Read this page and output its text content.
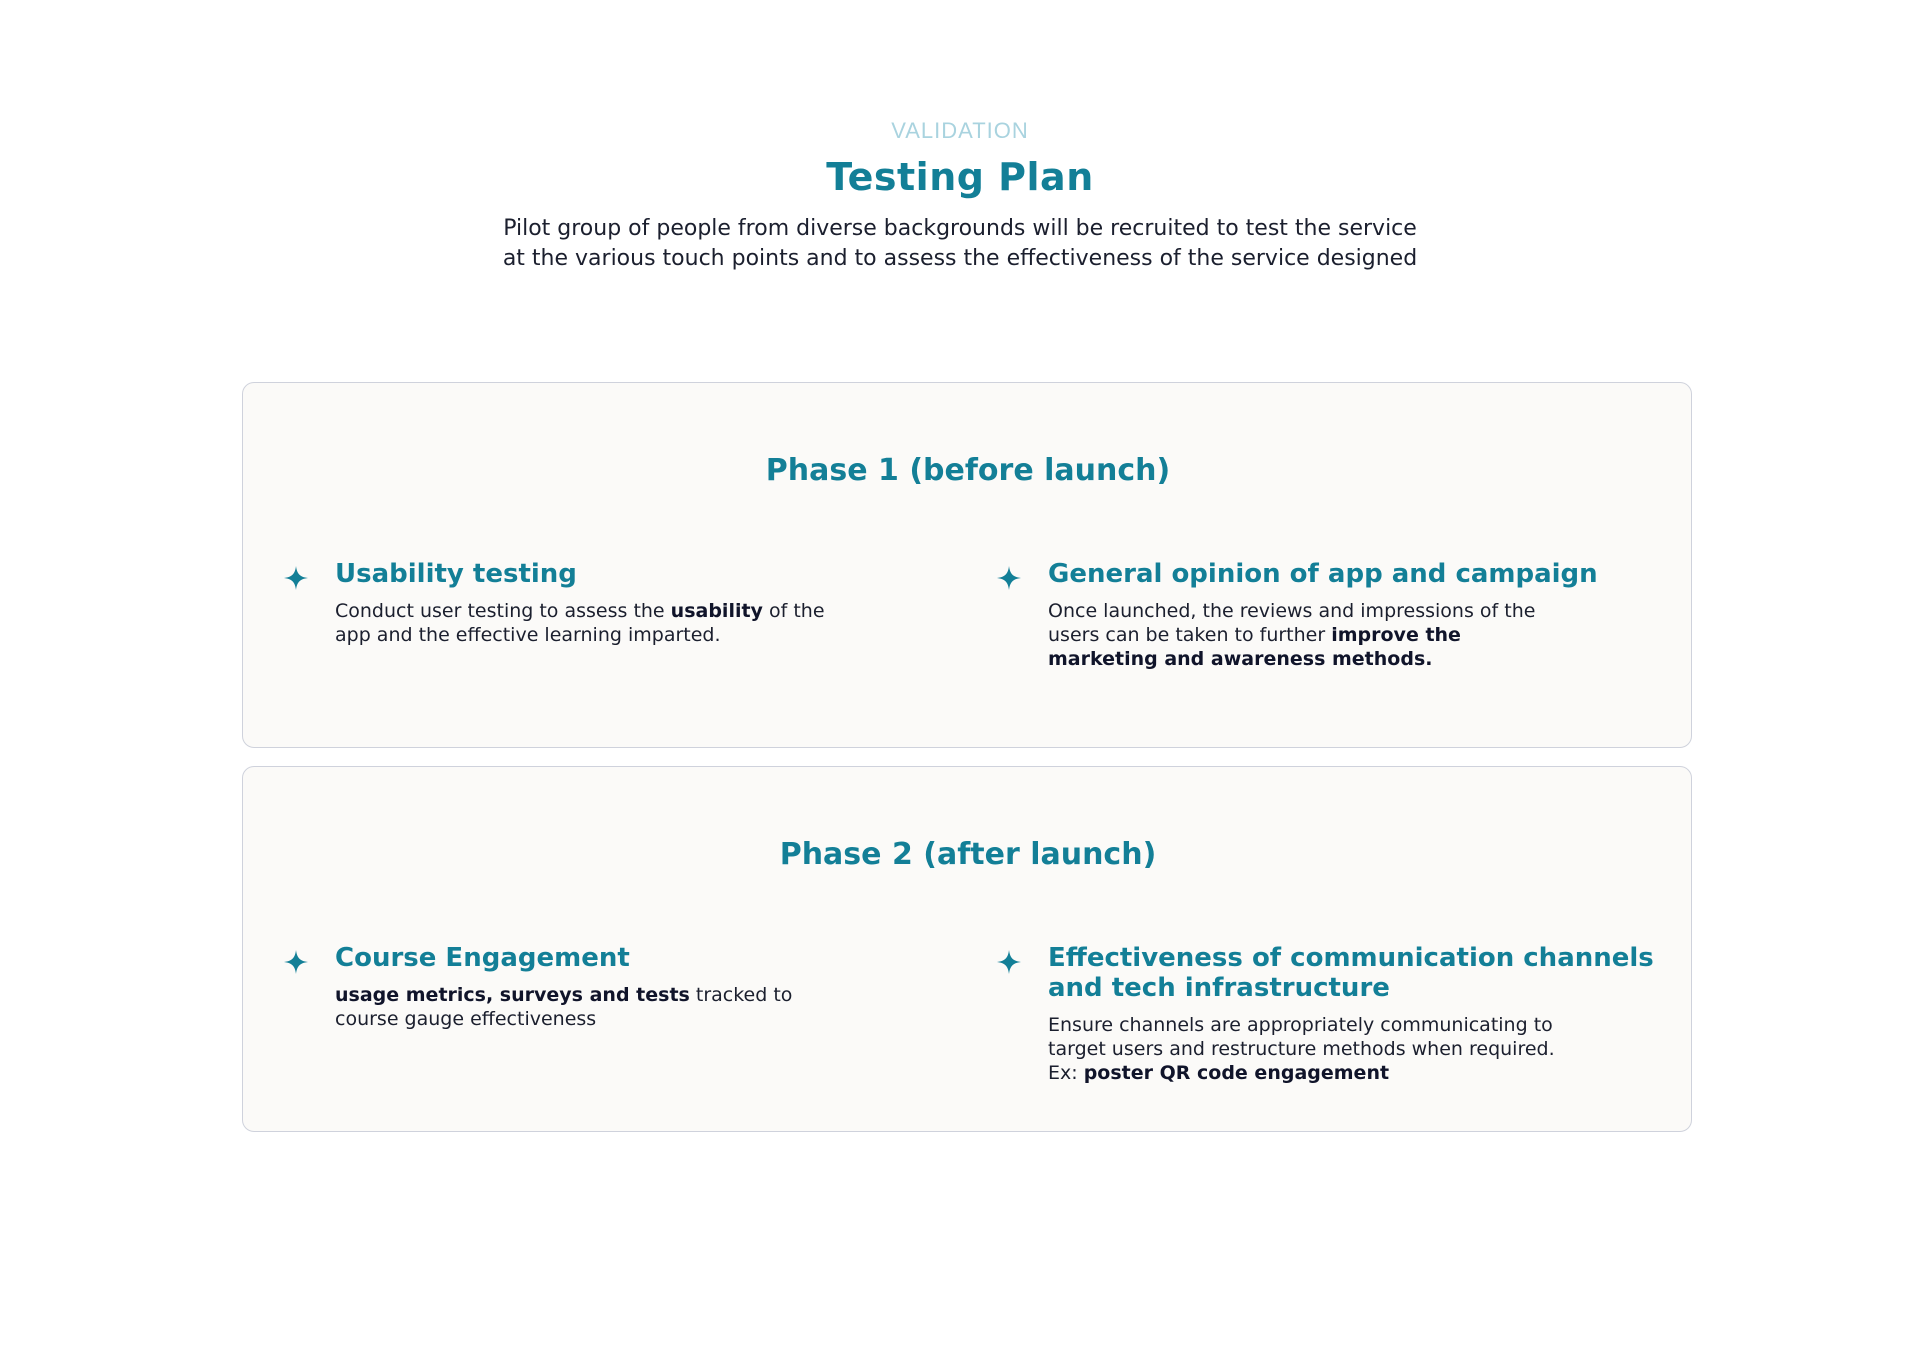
VALIDATION

Testing Plan

Pilot group of people from diverse backgrounds will be recruited to test the service
at the various touch points and to assess the effectiveness of the service designed

Phase 1 (before launch)
Usability testing

Conduct user testing to assess the usability of the app and the effective learning imparted.

General opinion of app and campaign

Once launched, the reviews and impressions of the users can be taken to further improve the marketing and awareness methods.

Phase 2 (after launch)
Course Engagement

usage metrics, surveys and tests tracked to course gauge effectiveness

Effectiveness of communication channels and tech infrastructure

Ensure channels are appropriately communicating to target users and restructure methods when required. Ex: poster QR code engagement
